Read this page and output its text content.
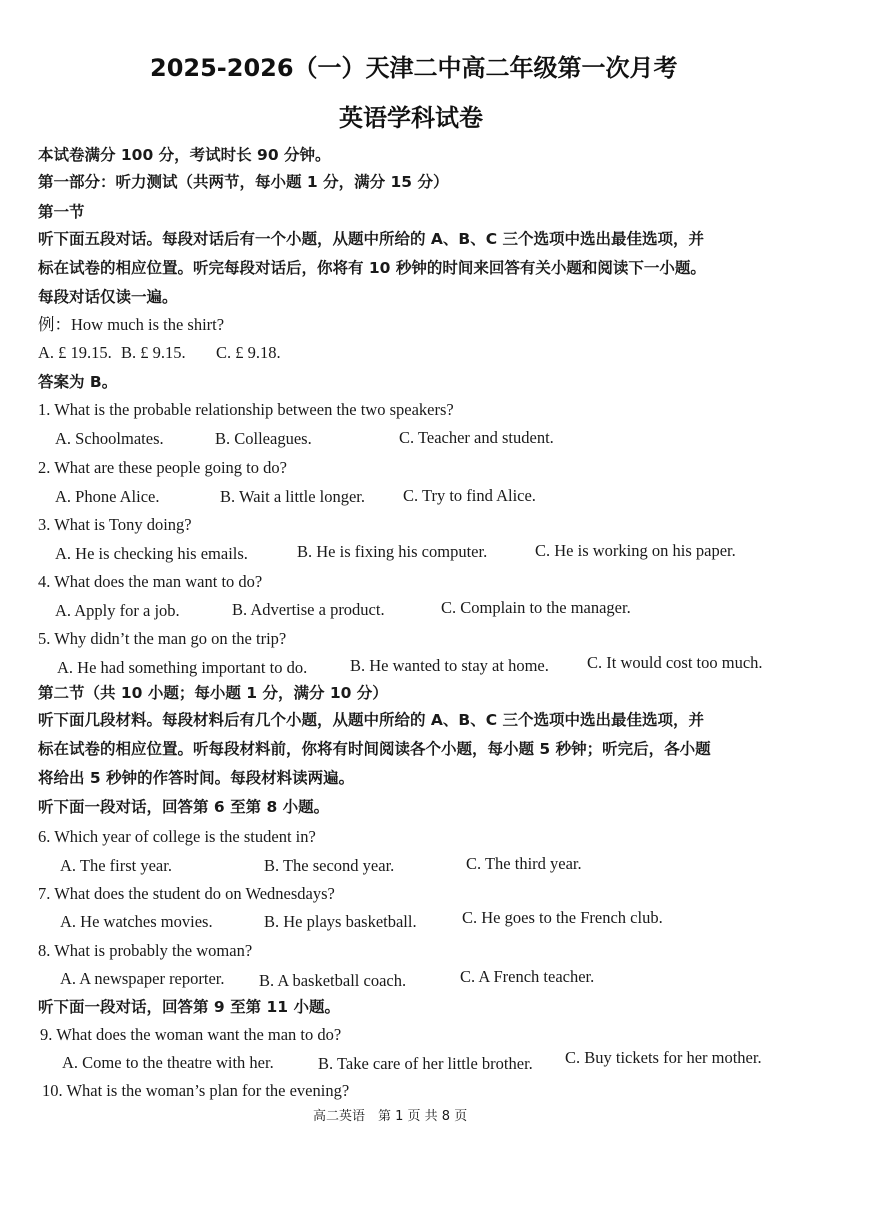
2025-2026（一）天津二中高二年级第一次月考
英语学科试卷
本试卷满分 100 分，考试时长 90 分钟。
第一部分：听力测试（共两节，每小题 1 分，满分 15 分）
第一节
听下面五段对话。每段对话后有一个小题，从题中所给的 A、B、C 三个选项中选出最佳选项，并
标在试卷的相应位置。听完每段对话后，你将有 10 秒钟的时间来回答有关小题和阅读下一小题。
每段对话仅读一遍。
例：How much is the shirt?
A. £ 19.15. B. £ 9.15. C. £ 9.18.
答案为 B。
1. What is the probable relationship between the two speakers?
A. Schoolmates.	B. Colleagues.	C. Teacher and student.
2. What are these people going to do?
A. Phone Alice.	B. Wait a little longer. C. Try to find Alice.
3. What is Tony doing?
A. He is checking his emails.	B. He is fixing his computer.	C. He is working on his paper.
4. What does the man want to do?
A. Apply for a job.	B. Advertise a product.	C. Complain to the manager.
5. Why didn’t the man go on the trip?
A. He had something important to do.	B. He wanted to stay at home. C. It would cost too much.
第二节（共 10 小题；每小题 1 分，满分 10 分）
听下面几段材料。每段材料后有几个小题，从题中所给的 A、B、C 三个选项中选出最佳选项，并
标在试卷的相应位置。听每段材料前，你将有时间阅读各个小题，每小题 5 秒钟；听完后，各小题
将给出 5 秒钟的作答时间。每段材料读两遍。
听下面一段对话，回答第 6 至第 8 小题。
6. Which year of college is the student in?
A. The first year.	B. The second year.	C. The third year.
7. What does the student do on Wednesdays?
A. He watches movies.	B. He plays basketball.	C. He goes to the French club.
8. What is probably the woman?
A. A newspaper reporter. B. A basketball coach.	C. A French teacher.
听下面一段对话，回答第 9 至第 11 小题。
9. What does the woman want the man to do?
A. Come to the theatre with her.	B. Take care of her little brother. C. Buy tickets for her mother.
10. What is the woman’s plan for the evening?
高二英语　第 1 页 共 8 页
